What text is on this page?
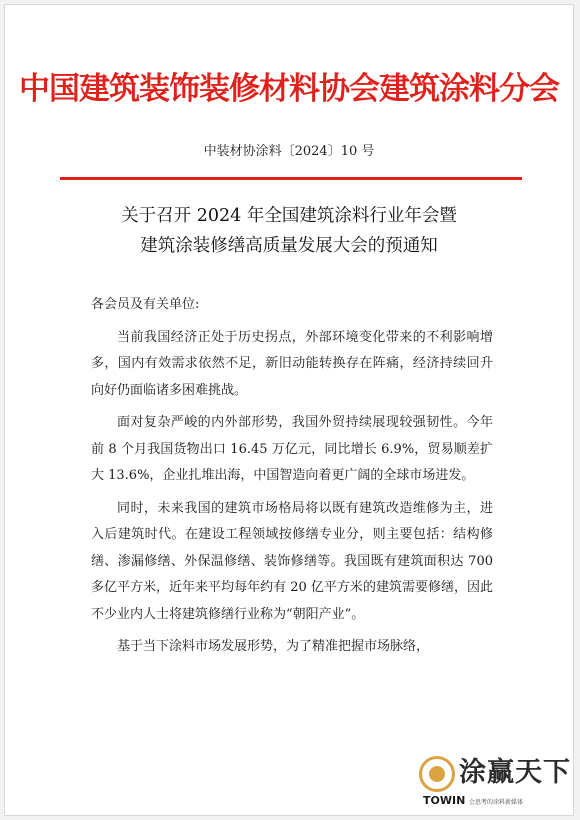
中国建筑装饰装修材料协会建筑涂料分会
中装材协涂料〔2024〕10 号
关于召开 2024 年全国建筑涂料行业年会暨
建筑涂装修缮高质量发展大会的预通知

各会员及有关单位:

当前我国经济正处于历史拐点，外部环境变化带来的不利影响增多，国内有效需求依然不足，新旧动能转换存在阵痛，经济持续回升向好仍面临诸多困难挑战。

面对复杂严峻的内外部形势，我国外贸持续展现较强韧性。今年前 8 个月我国货物出口 16.45 万亿元，同比增长 6.9%，贸易顺差扩大 13.6%，企业扎堆出海，中国智造向着更广阔的全球市场进发。

同时，未来我国的建筑市场格局将以既有建筑改造维修为主，进入后建筑时代。在建设工程领域按修缮专业分，则主要包括：结构修缮、渗漏修缮、外保温修缮、装饰修缮等。我国既有建筑面积达 700 多亿平方米，近年来平均每年约有 20 亿平方米的建筑需要修缮，因此不少业内人士将建筑修缮行业称为“朝阳产业”。

基于当下涂料市场发展形势，为了精准把握市场脉络，

涂赢天下
TOWIN 会思考的涂料新媒体
